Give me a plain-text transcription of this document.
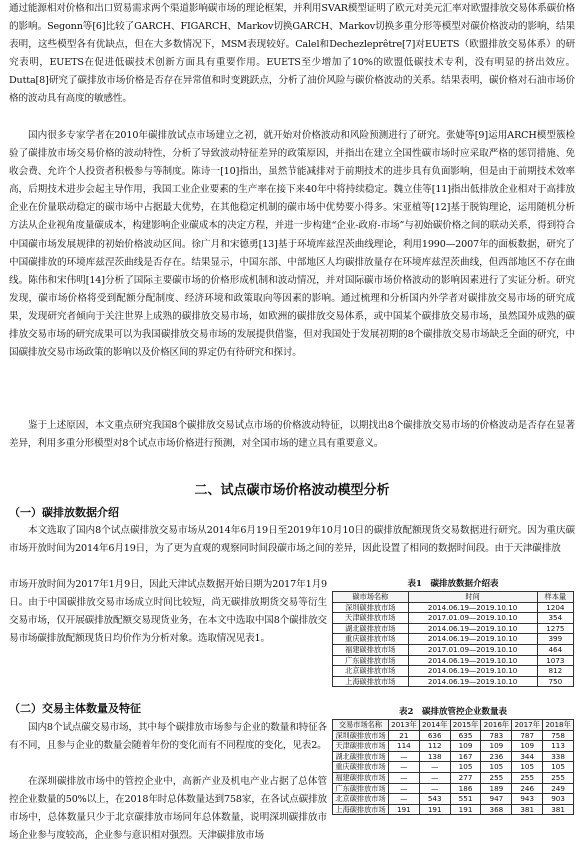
通过能源相对价格和出口贸易需求两个渠道影响碳市场的理论框架，并利用SVAR模型证明了欧元对美元汇率对欧盟排放交易体系碳价格的影响。Segonn等[6]比较了GARCH、FIGARCH、Markov切换GARCH、Markov切换多重分形等模型对碳价格波动的影响，结果表明，这些模型各有优缺点，但在大多数情况下，MSM表现较好。Calel和Dechezleprêtre[7]对EUETS（欧盟排放交易体系）的研究表明，EUETS在促进低碳技术创新方面具有重要作用。EUETS至少增加了10%的欧盟低碳技术专利，没有明显的挤出效应。Dutta[8]研究了碳排放市场价格是否存在异常值和时变跳跃点，分析了油价风险与碳价格波动的关系。结果表明，碳价格对石油市场价格的波动具有高度的敏感性。

国内很多专家学者在2010年碳排放试点市场建立之初，就开始对价格波动和风险预测进行了研究。张婕等[9]运用ARCH模型簇检验了碳排放市场交易价格的波动特性，分析了导致波动特征差异的政策原因，并指出在建立全国性碳市场时应采取严格的惩罚措施、免收会费、允许个人投资者积极参与等制度。陈诗一[10]指出，虽然节能减排对于前期技术的进步具有负面影响，但是由于前期技术效率高，后期技术进步会起主导作用，我国工业企业要素的生产率在接下来40年中将持续稳定。魏立佳等[11]指出低排放企业相对于高排放企业在价量联动稳定的碳市场中占据最大优势，在其他稳定机制的碳市场中优势要小得多。宋亚植等[12]基于脱钩理论，运用随机分析方法从企业视角度量碳成本，构建影响企业碳成本的决定方程，并进一步构建“企业-政府-市场”与初始碳价格之间的联动关系，得到符合中国碳市场发展规律的初始价格波动区间。徐广月和宋德勇[13]基于环境库兹涅茨曲线理论，利用1990—2007年的面板数据，研究了中国碳排放的环境库兹涅茨曲线是否存在。结果显示，中国东部、中部地区人均碳排放量存在环境库兹涅茨曲线，但西部地区不存在曲线。陈伟和宋伟明[14]分析了国际主要碳市场的价格形成机制和波动情况，并对国际碳市场价格波动的影响因素进行了实证分析。研究发现，碳市场价格将受到配额分配制度、经济环境和政策取向等因素的影响。通过梳理和分析国内外学者对碳排放交易市场的研究成果，发现研究者倾向于关注世界上成熟的碳排放交易市场，如欧洲的碳排放交易体系，或中国某个碳排放交易市场，虽然国外成熟的碳排放交易市场的研究成果可以为我国碳排放交易市场的发展提供借鉴，但对我国处于发展初期的8个碳排放交易市场缺乏全面的研究，中国碳排放交易市场政策的影响以及价格区间的界定仍有待研究和探讨。

鉴于上述原因，本文重点研究我国8个碳排放交易试点市场的价格波动特征，以期找出8个碳排放交易市场的价格波动是否存在显著差异，利用多重分形模型对8个试点市场价格进行预测，对全国市场的建立具有重要意义。

二、试点碳市场价格波动模型分析
（一）碳排放数据介绍

本文选取了国内8个试点碳排放交易市场从2014年6月19日至2019年10月10日的碳排放配额现货交易数据进行研究。因为重庆碳市场开放时间为2014年6月19日，为了更为直观的观察同时间段碳市场之间的差异，因此设置了相同的数据时间段。由于天津碳排放

市场开放时间为2017年1月9日，因此天津试点数据开始日期为2017年1月9日。由于中国碳排放交易市场成立时间比较短，尚无碳排放期货交易等衍生交易市场，仅开展碳排放配额交易现货业务，在本文中选取中国8个碳排放交易市场碳排放配额现货日均价作为分析对象。选取情况见表1。

（二）交易主体数量及特征

国内8个试点碳交易市场，其中每个碳排放市场参与企业的数量和特征各有不同，且参与企业的数量会随着年份的变化而有不同程度的变化，见表2。

在深圳碳排放市场中的管控企业中，高新产业及机电产业占据了总体管控企业数量的50%以上，在2018年时总体数量达到758家，在各试点碳排放市场中，总体数量只少于北京碳排放市场同年总体数量，说明深圳碳排放市场企业参与度较高，企业参与意识相对强烈。天津碳排放市场

表1　碳排放数据介绍表

碳市场名称	时间	样本量
深圳碳排放市场	2014.06.19—2019.10.10	1204
天津碳排放市场	2017.01.09—2019.10.10	354
湖北碳排放市场	2014.06.19—2019.10.10	1275
重庆碳排放市场	2014.06.19—2019.10.10	399
福建碳排放市场	2017.01.09—2019.10.10	464
广东碳排放市场	2014.06.19—2019.10.10	1073
北京碳排放市场	2014.06.19—2019.10.10	812
上海碳排放市场	2014.06.19—2019.10.10	750

表2　碳排放管控企业数量表

交易市场名称	2013年	2014年	2015年	2016年	2017年	2018年
深圳碳排放市场	21	636	635	783	787	758
天津碳排放市场	114	112	109	109	109	113
湖北碳排放市场	—	138	167	236	344	338
重庆碳排放市场	—	—	105	105	105	105
福建碳排放市场	—	—	277	255	255	255
广东碳排放市场	—	—	186	189	246	249
北京碳排放市场	—	543	551	947	943	903
上海碳排放市场	191	191	191	368	381	381
